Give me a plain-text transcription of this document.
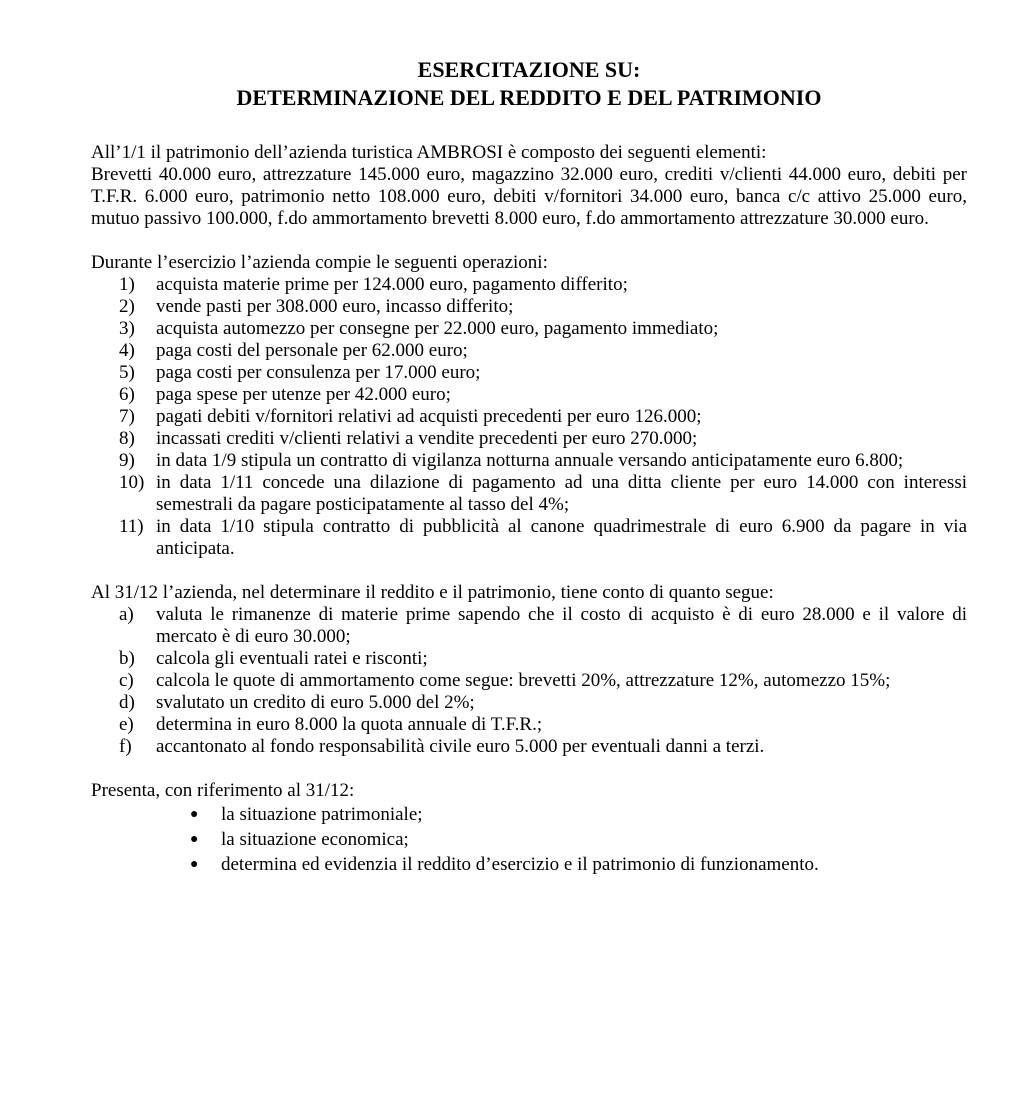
ESERCITAZIONE SU:
DETERMINAZIONE DEL REDDITO E DEL PATRIMONIO

All’1/1 il patrimonio dell’azienda turistica AMBROSI è composto dei seguenti elementi:

Brevetti 40.000 euro, attrezzature 145.000 euro, magazzino 32.000 euro, crediti v/clienti 44.000 euro, debiti per T.F.R. 6.000 euro, patrimonio netto 108.000 euro, debiti v/fornitori 34.000 euro, banca c/c attivo 25.000 euro, mutuo passivo 100.000, f.do ammortamento brevetti 8.000 euro, f.do ammortamento attrezzature 30.000 euro.

Durante l’esercizio l’azienda compie le seguenti operazioni:

1) acquista materie prime per 124.000 euro, pagamento differito;
2) vende pasti per 308.000 euro, incasso differito;
3) acquista automezzo per consegne per 22.000 euro, pagamento immediato;
4) paga costi del personale per 62.000 euro;
5) paga costi per consulenza per 17.000 euro;
6) paga spese per utenze per 42.000 euro;
7) pagati debiti v/fornitori relativi ad acquisti precedenti per euro 126.000;
8) incassati crediti v/clienti relativi a vendite precedenti per euro 270.000;
9) in data 1/9 stipula un contratto di vigilanza notturna annuale versando anticipatamente euro 6.800;
10) in data 1/11 concede una dilazione di pagamento ad una ditta cliente per euro 14.000 con interessi semestrali da pagare posticipatamente al tasso del 4%;
11) in data 1/10 stipula contratto di pubblicità al canone quadrimestrale di euro 6.900 da pagare in via anticipata.

Al 31/12 l’azienda, nel determinare il reddito e il patrimonio, tiene conto di quanto segue:

a) valuta le rimanenze di materie prime sapendo che il costo di acquisto è di euro 28.000 e il valore di mercato è di euro 30.000;
b) calcola gli eventuali ratei e risconti;
c) calcola le quote di ammortamento come segue: brevetti 20%, attrezzature 12%, automezzo 15%;
d) svalutato un credito di euro 5.000 del 2%;
e) determina in euro 8.000 la quota annuale di T.F.R.;
f) accantonato al fondo responsabilità civile euro 5.000 per eventuali danni a terzi.

Presenta, con riferimento al 31/12:

● la situazione patrimoniale;
● la situazione economica;
● determina ed evidenzia il reddito d’esercizio e il patrimonio di funzionamento.
